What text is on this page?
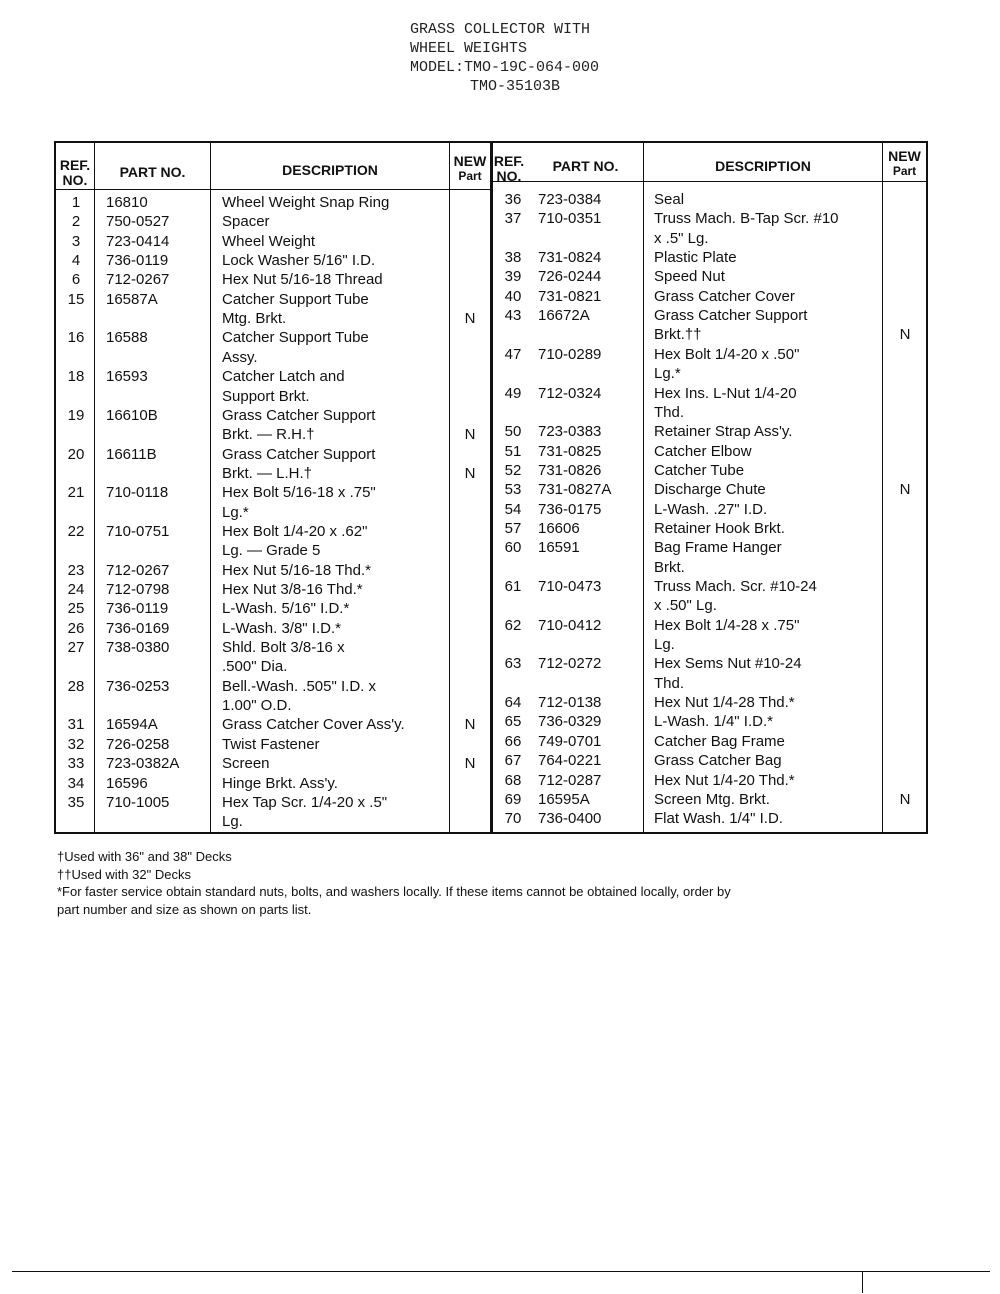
GRASS COLLECTOR WITH
WHEEL WEIGHTS
MODEL:TMO-19C-064-000

TMO-35103B
REF.
NO.	PART NO.	DESCRIPTION
NEW
Part
REF.
NO.
PART NO.	DESCRIPTION
NEW
Part
1	16810	Wheel Weight Snap Ring
2	750-0527	Spacer
3	723-0414	Wheel Weight
4	736-0119	Lock Washer 5/16" I.D.
6	712-0267	Hex Nut 5/16-18 Thread
15	16587A	Catcher Support Tube
Mtg. Brkt.	N
16	16588	Catcher Support Tube
Assy.
18	16593	Catcher Latch and
Support Brkt.
19	16610B	Grass Catcher Support
Brkt. — R.H.†	N
20	16611B	Grass Catcher Support
Brkt. — L.H.†	N
21	710-0118	Hex Bolt 5/16-18 x .75"
Lg.*
22	710-0751	Hex Bolt 1/4-20 x .62"
Lg. — Grade 5
23	712-0267	Hex Nut 5/16-18 Thd.*
24	712-0798	Hex Nut 3/8-16 Thd.*
25	736-0119	L-Wash. 5/16" I.D.*
26	736-0169	L-Wash. 3/8" I.D.*
27	738-0380	Shld. Bolt 3/8-16 x
.500" Dia.
28	736-0253	Bell.-Wash. .505" I.D. x
1.00" O.D.
31	16594A	Grass Catcher Cover Ass'y.	N
32	726-0258	Twist Fastener
33	723-0382A	Screen	N
34	16596	Hinge Brkt. Ass'y.
35	710-1005	Hex Tap Scr. 1/4-20 x .5"
Lg.
36	723-0384	Seal
37	710-0351	Truss Mach. B-Tap Scr. #10
x .5" Lg.
38	731-0824	Plastic Plate
39	726-0244	Speed Nut
40	731-0821	Grass Catcher Cover
43	16672A	Grass Catcher Support
Brkt.††	N
47	710-0289	Hex Bolt 1/4-20 x .50"
Lg.*
49	712-0324	Hex Ins. L-Nut 1/4-20
Thd.
50	723-0383	Retainer Strap Ass'y.
51	731-0825	Catcher Elbow
52	731-0826	Catcher Tube
53	731-0827A	Discharge Chute	N
54	736-0175	L-Wash. .27" I.D.
57	16606	Retainer Hook Brkt.
60	16591	Bag Frame Hanger
Brkt.
61	710-0473	Truss Mach. Scr. #10-24
x .50" Lg.
62	710-0412	Hex Bolt 1/4-28 x .75"
Lg.
63	712-0272	Hex Sems Nut #10-24
Thd.
64	712-0138	Hex Nut 1/4-28 Thd.*
65	736-0329	L-Wash. 1/4" I.D.*
66	749-0701	Catcher Bag Frame
67	764-0221	Grass Catcher Bag
68	712-0287	Hex Nut 1/4-20 Thd.*
69	16595A	Screen Mtg. Brkt.	N
70	736-0400	Flat Wash. 1/4" I.D.
†Used with 36" and 38" Decks
††Used with 32" Decks
*For faster service obtain standard nuts, bolts, and washers locally. If these items cannot be obtained locally, order by
part number and size as shown on parts list.
